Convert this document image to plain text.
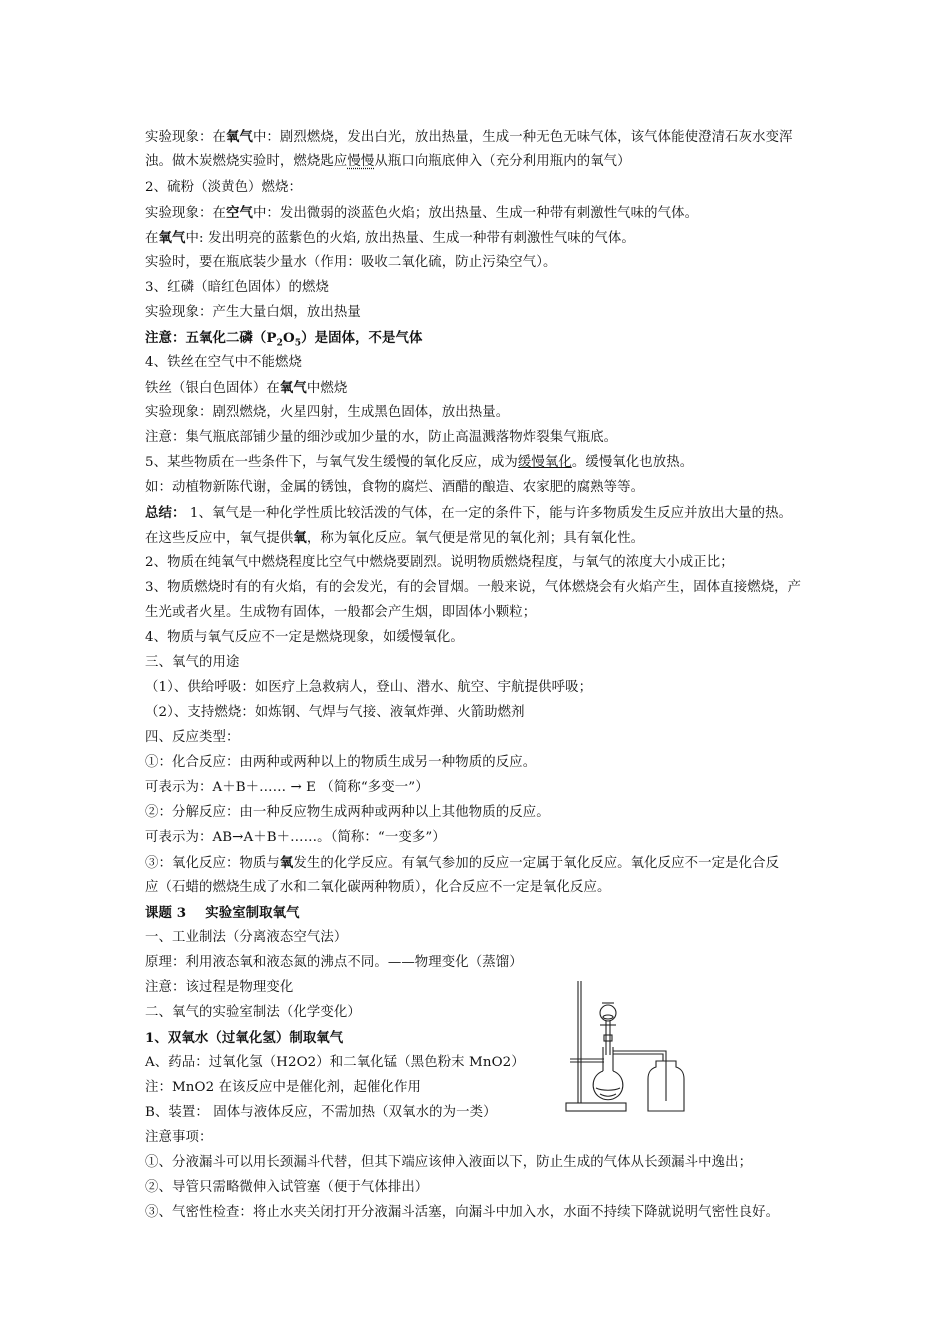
实验现象：在氧气中：剧烈燃烧，发出白光，放出热量，生成一种无色无味气体，该气体能使澄清石灰水变浑
浊。做木炭燃烧实验时，燃烧匙应慢慢从瓶口向瓶底伸入（充分利用瓶内的氧气）
2、硫粉（淡黄色）燃烧：
实验现象：在空气中：发出微弱的淡蓝色火焰；放出热量、生成一种带有刺激性气味的气体。
在氧气中: 发出明亮的蓝紫色的火焰, 放出热量、生成一种带有刺激性气味的气体。
实验时，要在瓶底装少量水（作用：吸收二氧化硫，防止污染空气）。
3、红磷（暗红色固体）的燃烧
实验现象：产生大量白烟，放出热量
注意：五氧化二磷$(P_2O_5)$是固体，不是气体
4、铁丝在空气中不能燃烧
铁丝（银白色固体）在氧气中燃烧
实验现象：剧烈燃烧，火星四射，生成黑色固体，放出热量。
注意：集气瓶底部铺少量的细沙或加少量的水，防止高温溅落物炸裂集气瓶底。
5、某些物质在一些条件下，与氧气发生缓慢的氧化反应，成为缓慢氧化。缓慢氧化也放热。
如：动植物新陈代谢，金属的锈蚀，食物的腐烂、酒醋的酿造、农家肥的腐熟等等。
总结： 1、氧气是一种化学性质比较活泼的气体，在一定的条件下，能与许多物质发生反应并放出大量的热。
在这些反应中，氧气提供氧，称为氧化反应。氧气便是常见的氧化剂；具有氧化性。
2、物质在纯氧气中燃烧程度比空气中燃烧要剧烈。说明物质燃烧程度，与氧气的浓度大小成正比；
3、物质燃烧时有的有火焰，有的会发光，有的会冒烟。一般来说，气体燃烧会有火焰产生，固体直接燃烧，产
生光或者火星。生成物有固体，一般都会产生烟，即固体小颗粒；
4、物质与氧气反应不一定是燃烧现象，如缓慢氧化。
三、氧气的用途
（1）、供给呼吸：如医疗上急救病人，登山、潜水、航空、宇航提供呼吸；
（2）、支持燃烧：如炼钢、气焊与气接、液氧炸弹、火箭助燃剂
四、反应类型：
①：化合反应：由两种或两种以上的物质生成另一种物质的反应。
可表示为：A＋B＋…… → E （简称“多变一”）
②：分解反应：由一种反应物生成两种或两种以上其他物质的反应。
可表示为：AB→A＋B＋……。（简称：“一变多”）
③：氧化反应：物质与氧发生的化学反应。有氧气参加的反应一定属于氧化反应。氧化反应不一定是化合反
应（石蜡的燃烧生成了水和二氧化碳两种物质），化合反应不一定是氧化反应。
课题 3    实验室制取氧气
一、工业制法（分离液态空气法）
原理：利用液态氧和液态氮的沸点不同。——物理变化（蒸馏）
注意：该过程是物理变化
二、氧气的实验室制法（化学变化）
1、双氧水（过氧化氢）制取氧气
A、药品：过氧化氢（H2O2）和二氧化锰（黑色粉末 MnO2）
注：MnO2 在该反应中是催化剂，起催化作用
B、装置： 固体与液体反应，不需加热（双氧水的为一类）
注意事项：
①、分液漏斗可以用长颈漏斗代替，但其下端应该伸入液面以下，防止生成的气体从长颈漏斗中逸出；
②、导管只需略微伸入试管塞（便于气体排出）
③、气密性检查：将止水夹关闭打开分液漏斗活塞，向漏斗中加入水，水面不持续下降就说明气密性良好。
